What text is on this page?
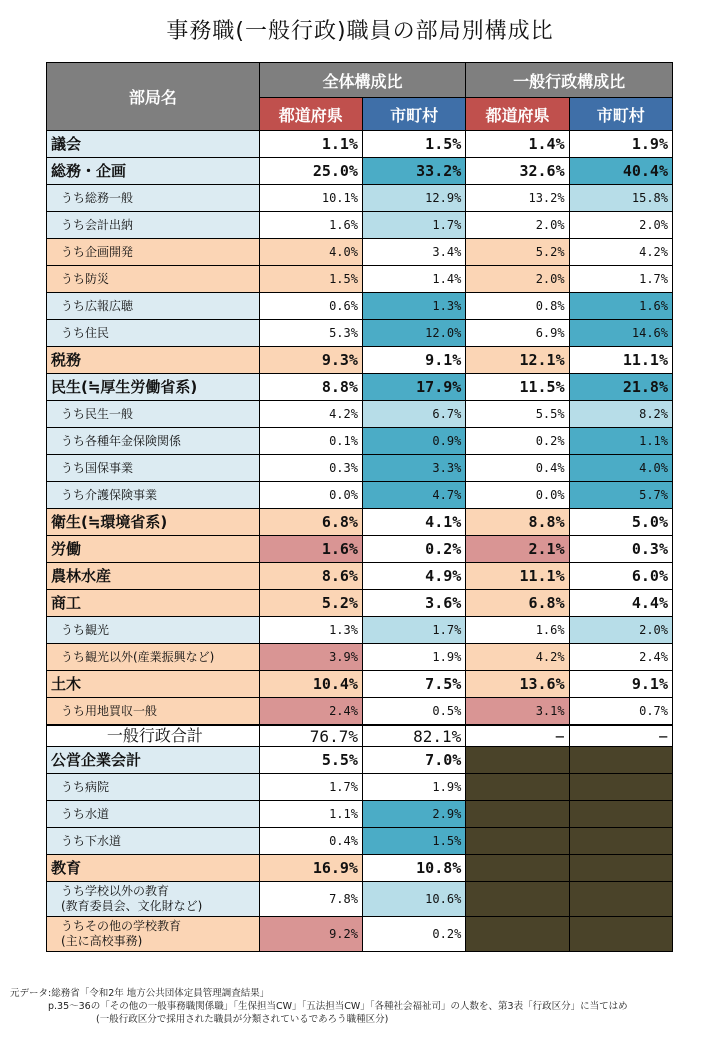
事務職(一般行政)職員の部局別構成比
部局名	全体構成比		一般行政構成比	
	都道府県	市町村	都道府県	市町村
議会	1.1%	1.5%	1.4%	1.9%
総務・企画	25.0%	33.2%	32.6%	40.4%
うち総務一般	10.1%	12.9%	13.2%	15.8%
うち会計出納	1.6%	1.7%	2.0%	2.0%
うち企画開発	4.0%	3.4%	5.2%	4.2%
うち防災	1.5%	1.4%	2.0%	1.7%
うち広報広聴	0.6%	1.3%	0.8%	1.6%
うち住民	5.3%	12.0%	6.9%	14.6%
税務	9.3%	9.1%	12.1%	11.1%
民生(≒厚生労働省系)	8.8%	17.9%	11.5%	21.8%
うち民生一般	4.2%	6.7%	5.5%	8.2%
うち各種年金保険関係	0.1%	0.9%	0.2%	1.1%
うち国保事業	0.3%	3.3%	0.4%	4.0%
うち介護保険事業	0.0%	4.7%	0.0%	5.7%
衛生(≒環境省系)	6.8%	4.1%	8.8%	5.0%
労働	1.6%	0.2%	2.1%	0.3%
農林水産	8.6%	4.9%	11.1%	6.0%
商工	5.2%	3.6%	6.8%	4.4%
うち観光	1.3%	1.7%	1.6%	2.0%
うち観光以外(産業振興など)	3.9%	1.9%	4.2%	2.4%
土木	10.4%	7.5%	13.6%	9.1%
うち用地買収一般	2.4%	0.5%	3.1%	0.7%
一般行政合計	76.7%	82.1%	−	−
公営企業会計	5.5%	7.0%		
うち病院	1.7%	1.9%		
うち水道	1.1%	2.9%		
うち下水道	0.4%	1.5%		
教育	16.9%	10.8%		
うち学校以外の教育
(教育委員会、文化財など)	7.8%	10.6%		
うちその他の学校教育
(主に高校事務)	9.2%	0.2%		
元データ:総務省「令和2年 地方公共団体定員管理調査結果」
p.35～36の「その他の一般事務職関係職」「生保担当CW」「五法担当CW」「各種社会福祉司」の人数を、第3表「行政区分」に当てはめ
(一般行政区分で採用された職員が分類されているであろう職種区分)
